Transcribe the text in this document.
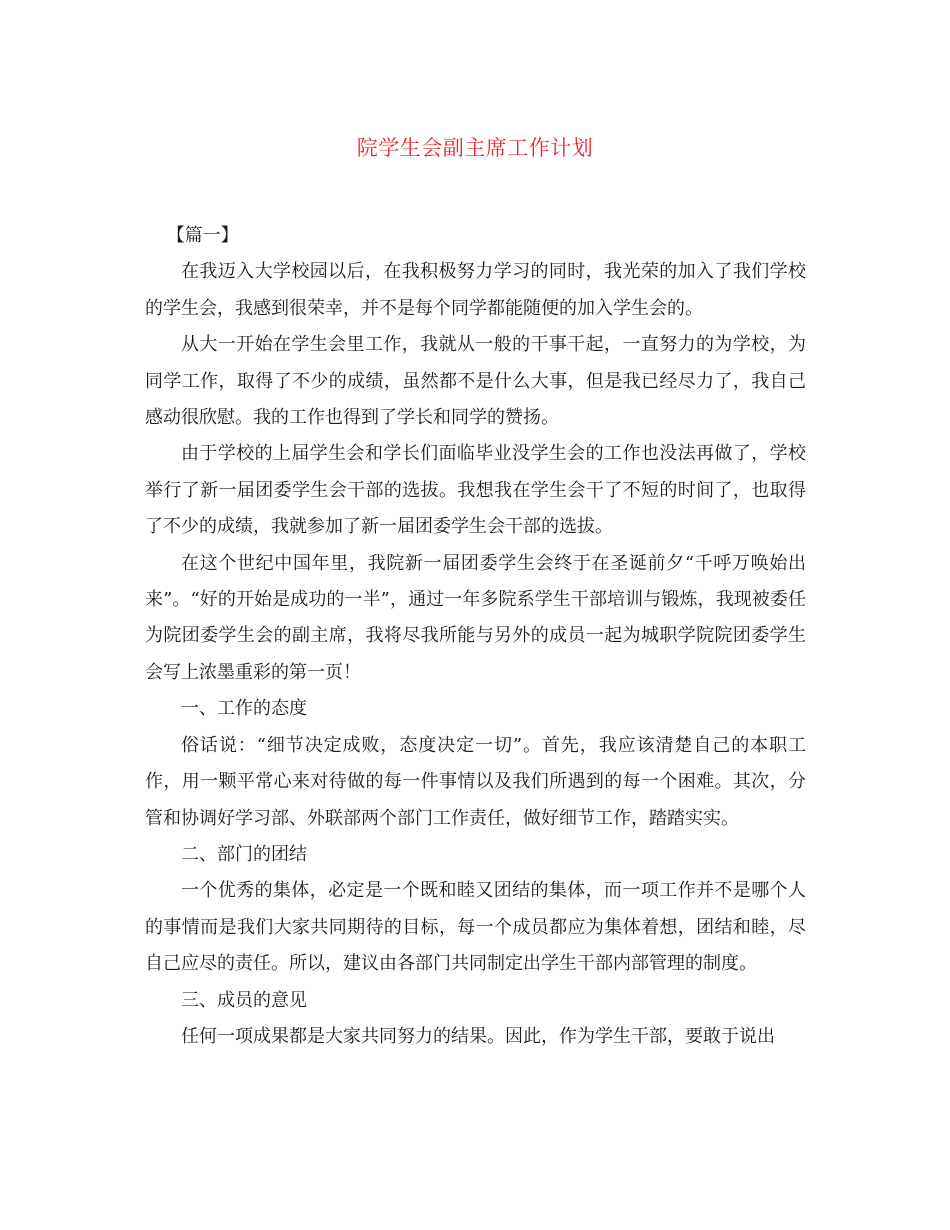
院学生会副主席工作计划

【篇一】

在我迈入大学校园以后，在我积极努力学习的同时，我光荣的加入了我们学校的学生会，我感到很荣幸，并不是每个同学都能随便的加入学生会的。

从大一开始在学生会里工作，我就从一般的干事干起，一直努力的为学校，为同学工作，取得了不少的成绩，虽然都不是什么大事，但是我已经尽力了，我自己感动很欣慰。我的工作也得到了学长和同学的赞扬。

由于学校的上届学生会和学长们面临毕业没学生会的工作也没法再做了，学校举行了新一届团委学生会干部的选拔。我想我在学生会干了不短的时间了，也取得了不少的成绩，我就参加了新一届团委学生会干部的选拔。

在这个世纪中国年里，我院新一届团委学生会终于在圣诞前夕“千呼万唤始出来”。“好的开始是成功的一半”，通过一年多院系学生干部培训与锻炼，我现被委任为院团委学生会的副主席，我将尽我所能与另外的成员一起为城职学院院团委学生会写上浓墨重彩的第一页！

一、工作的态度

俗话说：“细节决定成败，态度决定一切”。首先，我应该清楚自己的本职工作，用一颗平常心来对待做的每一件事情以及我们所遇到的每一个困难。其次，分管和协调好学习部、外联部两个部门工作责任，做好细节工作，踏踏实实。

二、部门的团结

一个优秀的集体，必定是一个既和睦又团结的集体，而一项工作并不是哪个人的事情而是我们大家共同期待的目标，每一个成员都应为集体着想，团结和睦，尽自己应尽的责任。所以，建议由各部门共同制定出学生干部内部管理的制度。

三、成员的意见

任何一项成果都是大家共同努力的结果。因此，作为学生干部，要敢于说出
